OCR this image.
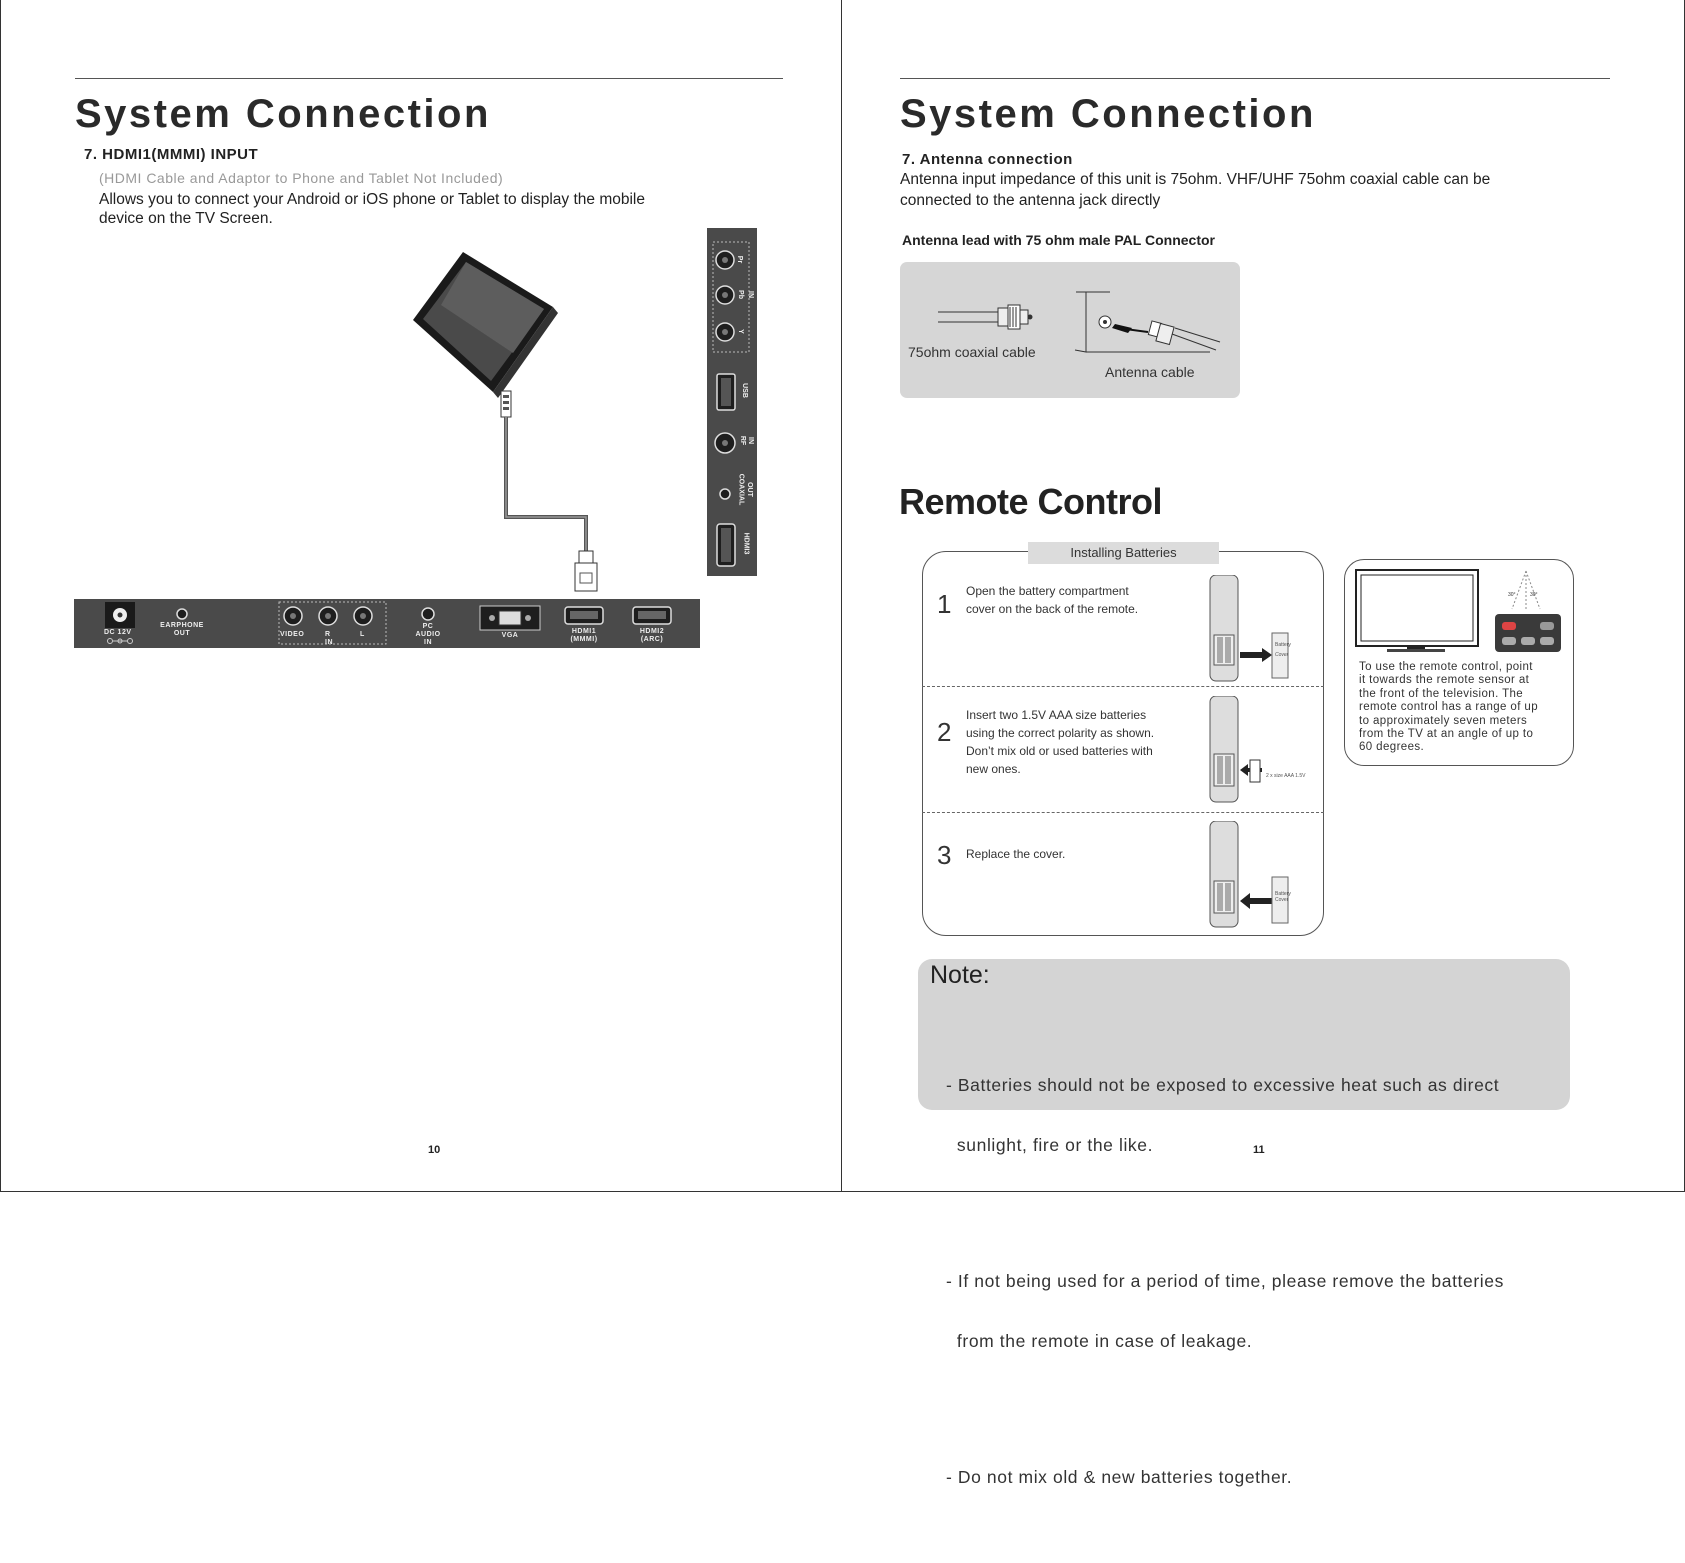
System Connection
7. HDMI1(MMMI) INPUT
(HDMI Cable and Adaptor to Phone and Tablet Not Included)
Allows you to connect your Android or iOS phone or Tablet to display the mobile
device on the TV Screen.
Pr
Pb IN
Y
USB
RF IN
COAXIAL OUT
HDMI3
DC 12V
EARPHONE
OUT	VIDEO	R	L
IN
PC
AUDIO
IN
VGA
HDMI1
(MMMI)
HDMI2
(ARC)
10
System Connection
7. Antenna connection
Antenna input impedance of this unit is 75ohm. VHF/UHF 75ohm coaxial cable can be
connected to the antenna jack directly
Antenna lead with 75 ohm male PAL Connector
75ohm coaxial cable
Antenna cable
Remote Control
Installing Batteries
1 Open the battery compartment
cover on the back of the remote.
Battery
Cover
2
Insert two 1.5V AAA size batteries
using the correct polarity as shown.
Don’t mix old or used batteries with
new ones.	2 x size AAA 1.5V
3 Replace the cover.
Battery
Cover
30°	30°
To use the remote control, point
it towards the remote sensor at
the front of the television. The
remote control has a range of up
to approximately seven meters
from the TV at an angle of up to
60 degrees.
Note:

- Batteries should not be exposed to excessive heat such as direct

sunlight, fire or the like.

- If not being used for a period of time, please remove the batteries

from the remote in case of leakage.

- Do not mix old & new batteries together.

11
